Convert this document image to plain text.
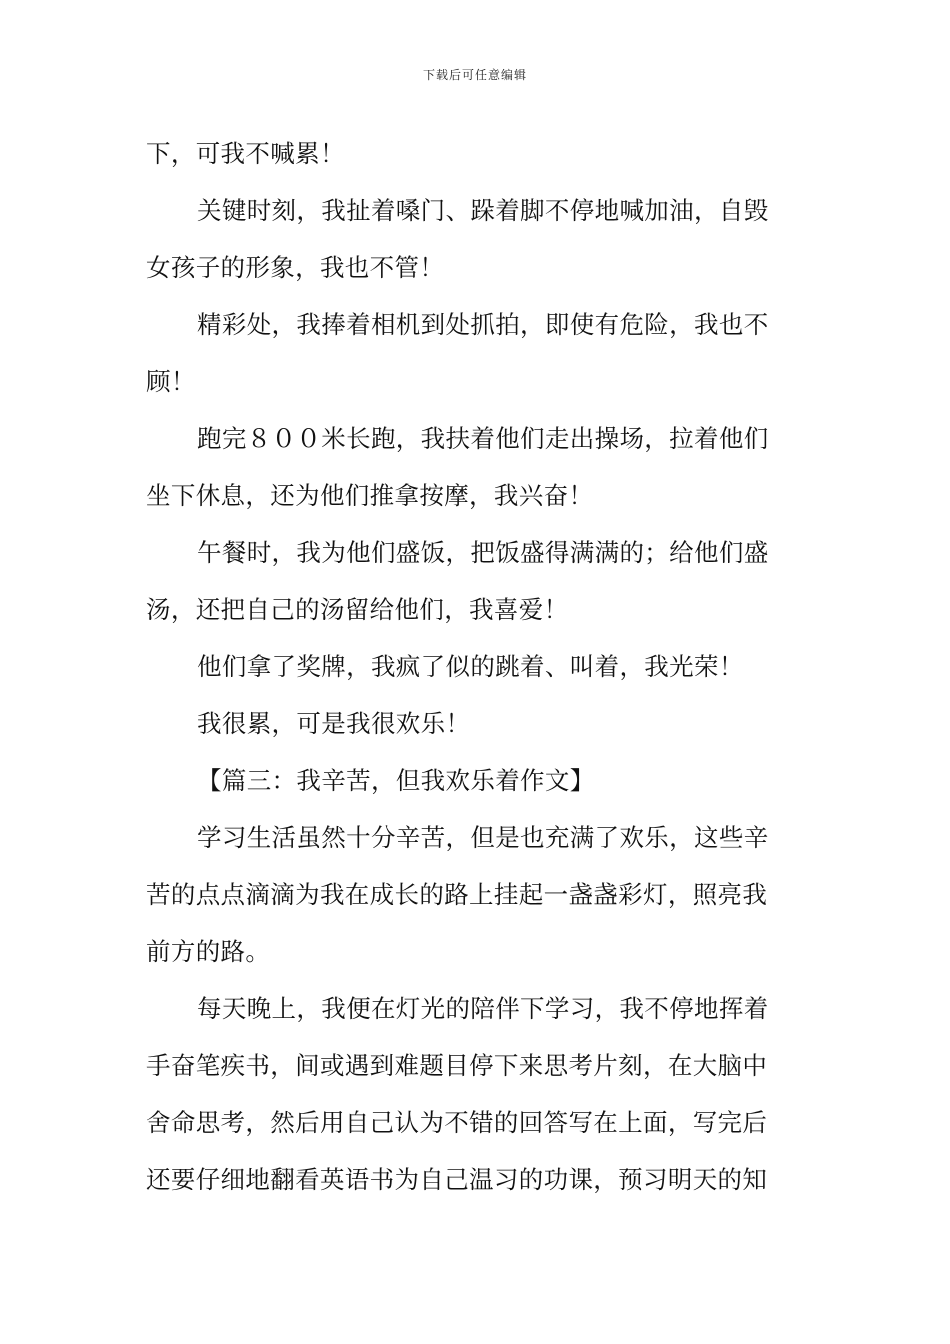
下载后可任意编辑
下，可我不喊累！
关键时刻，我扯着嗓门、跺着脚不停地喊加油，自毁
女孩子的形象，我也不管！
精彩处，我捧着相机到处抓拍，即使有危险，我也不
顾！
跑完８００米长跑，我扶着他们走出操场，拉着他们
坐下休息，还为他们推拿按摩，我兴奋！
午餐时，我为他们盛饭，把饭盛得满满的；给他们盛
汤，还把自己的汤留给他们，我喜爱！
他们拿了奖牌，我疯了似的跳着、叫着，我光荣！
我很累，可是我很欢乐！
【篇三：我辛苦，但我欢乐着作文】
学习生活虽然十分辛苦，但是也充满了欢乐，这些辛
苦的点点滴滴为我在成长的路上挂起一盏盏彩灯，照亮我
前方的路。
每天晚上，我便在灯光的陪伴下学习，我不停地挥着
手奋笔疾书，间或遇到难题目停下来思考片刻，在大脑中
舍命思考，然后用自己认为不错的回答写在上面，写完后
还要仔细地翻看英语书为自己温习的功课，预习明天的知
